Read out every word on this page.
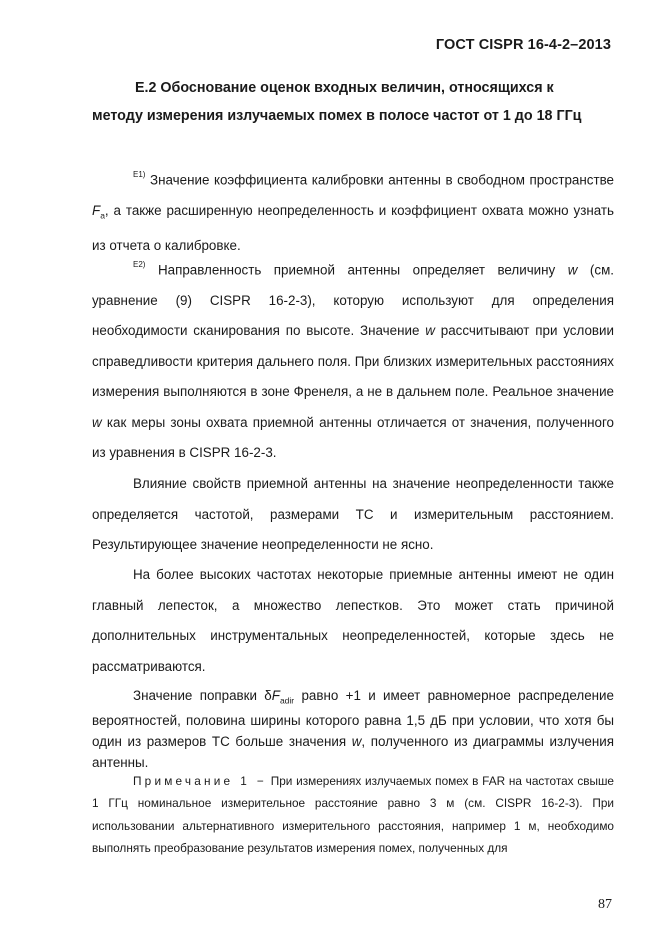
ГОСТ CISPR 16-4-2–2013
Е.2 Обоснование оценок входных величин, относящихся к
методу измерения излучаемых помех в полосе частот от 1 до 18 ГГц
$^{E1)}$ Значение коэффициента калибровки антенны в свободном пространстве $F_a$, а также расширенную неопределенность и коэффициент охвата можно узнать из отчета о калибровке.
$^{E2)}$ Направленность приемной антенны определяет величину w (см. уравнение (9) CISPR 16-2-3), которую используют для определения необходимости сканирования по высоте. Значение w рассчитывают при условии справедливости критерия дальнего поля. При близких измерительных расстояниях измерения выполняются в зоне Френеля, а не в дальнем поле. Реальное значение w как меры зоны охвата приемной антенны отличается от значения, полученного из уравнения в CISPR 16-2-3.
Влияние свойств приемной антенны на значение неопределенности также определяется частотой, размерами ТС и измерительным расстоянием. Результирующее значение неопределенности не ясно.
На более высоких частотах некоторые приемные антенны имеют не один главный лепесток, а множество лепестков. Это может стать причиной дополнительных инструментальных неопределенностей, которые здесь не рассматриваются.
Значение поправки $\delta F_{adir}$ равно +1 и имеет равномерное распределение вероятностей, половина ширины которого равна 1,5 дБ при условии, что хотя бы один из размеров ТС больше значения w, полученного из диаграммы излучения антенны.
Примечание 1 − При измерениях излучаемых помех в FAR на частотах свыше 1 ГГц номинальное измерительное расстояние равно 3 м (см. CISPR 16-2-3). При использовании альтернативного измерительного расстояния, например 1 м, необходимо выполнять преобразование результатов измерения помех, полученных для
87
